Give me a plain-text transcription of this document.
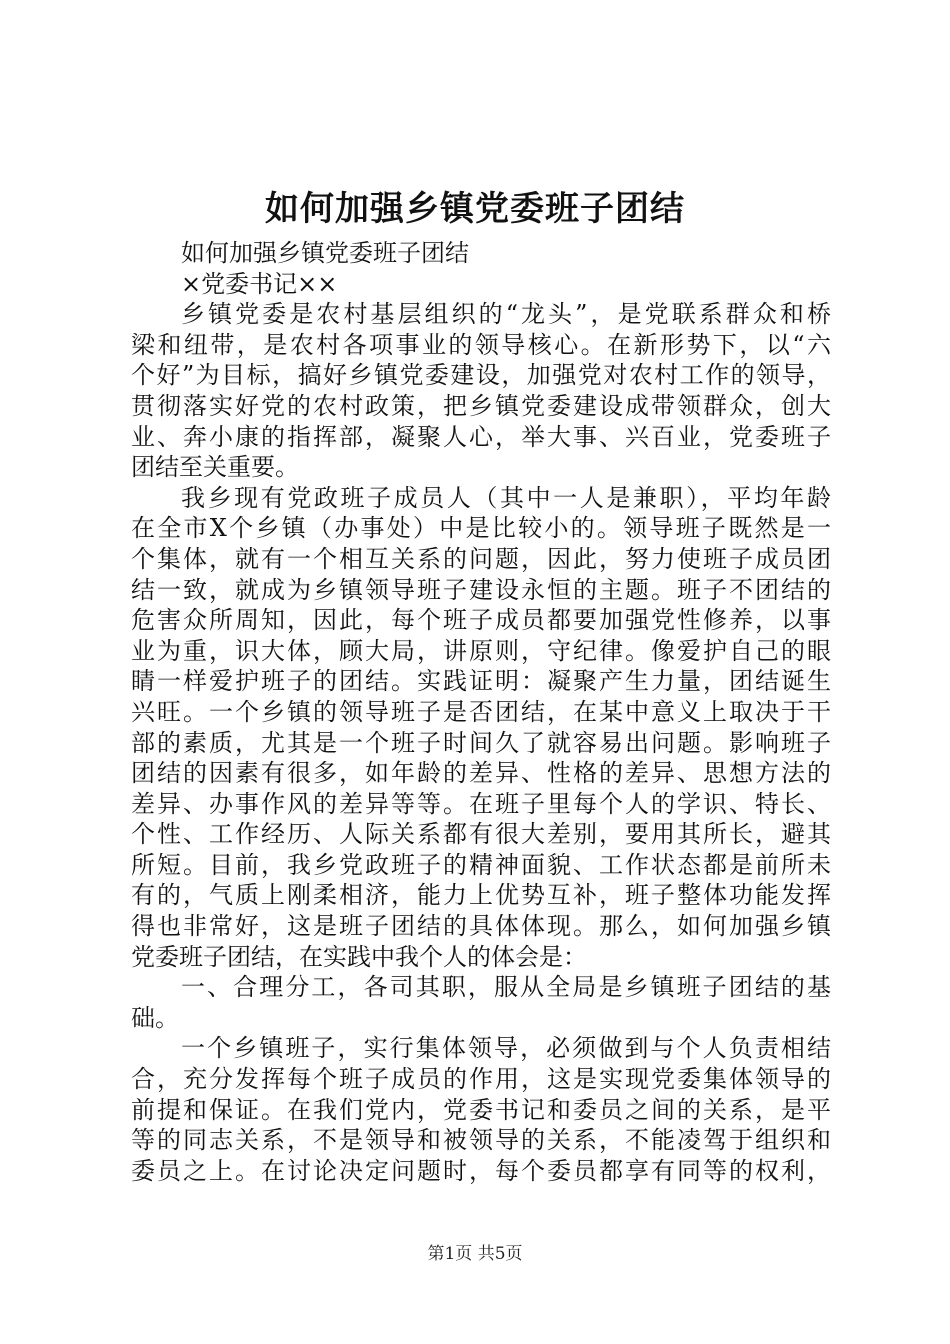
如何加强乡镇党委班子团结
如何加强乡镇党委班子团结
×党委书记××
乡镇党委是农村基层组织的“龙头”，是党联系群众和桥
梁和纽带，是农村各项事业的领导核心。在新形势下，以“六
个好”为目标，搞好乡镇党委建设，加强党对农村工作的领导，
贯彻落实好党的农村政策，把乡镇党委建设成带领群众，创大
业、奔小康的指挥部，凝聚人心，举大事、兴百业，党委班子
团结至关重要。
我乡现有党政班子成员人（其中一人是兼职），平均年龄
在全市X个乡镇（办事处）中是比较小的。领导班子既然是一
个集体，就有一个相互关系的问题，因此，努力使班子成员团
结一致，就成为乡镇领导班子建设永恒的主题。班子不团结的
危害众所周知，因此，每个班子成员都要加强党性修养，以事
业为重，识大体，顾大局，讲原则，守纪律。像爱护自己的眼
睛一样爱护班子的团结。实践证明：凝聚产生力量，团结诞生
兴旺。一个乡镇的领导班子是否团结，在某中意义上取决于干
部的素质，尤其是一个班子时间久了就容易出问题。影响班子
团结的因素有很多，如年龄的差异、性格的差异、思想方法的
差异、办事作风的差异等等。在班子里每个人的学识、特长、
个性、工作经历、人际关系都有很大差别，要用其所长，避其
所短。目前，我乡党政班子的精神面貌、工作状态都是前所未
有的，气质上刚柔相济，能力上优势互补，班子整体功能发挥
得也非常好，这是班子团结的具体体现。那么，如何加强乡镇
党委班子团结，在实践中我个人的体会是：
一、合理分工，各司其职，服从全局是乡镇班子团结的基
础。
一个乡镇班子，实行集体领导，必须做到与个人负责相结
合，充分发挥每个班子成员的作用，这是实现党委集体领导的
前提和保证。在我们党内，党委书记和委员之间的关系，是平
等的同志关系，不是领导和被领导的关系，不能凌驾于组织和
委员之上。在讨论决定问题时，每个委员都享有同等的权利，
第1页 共5页
